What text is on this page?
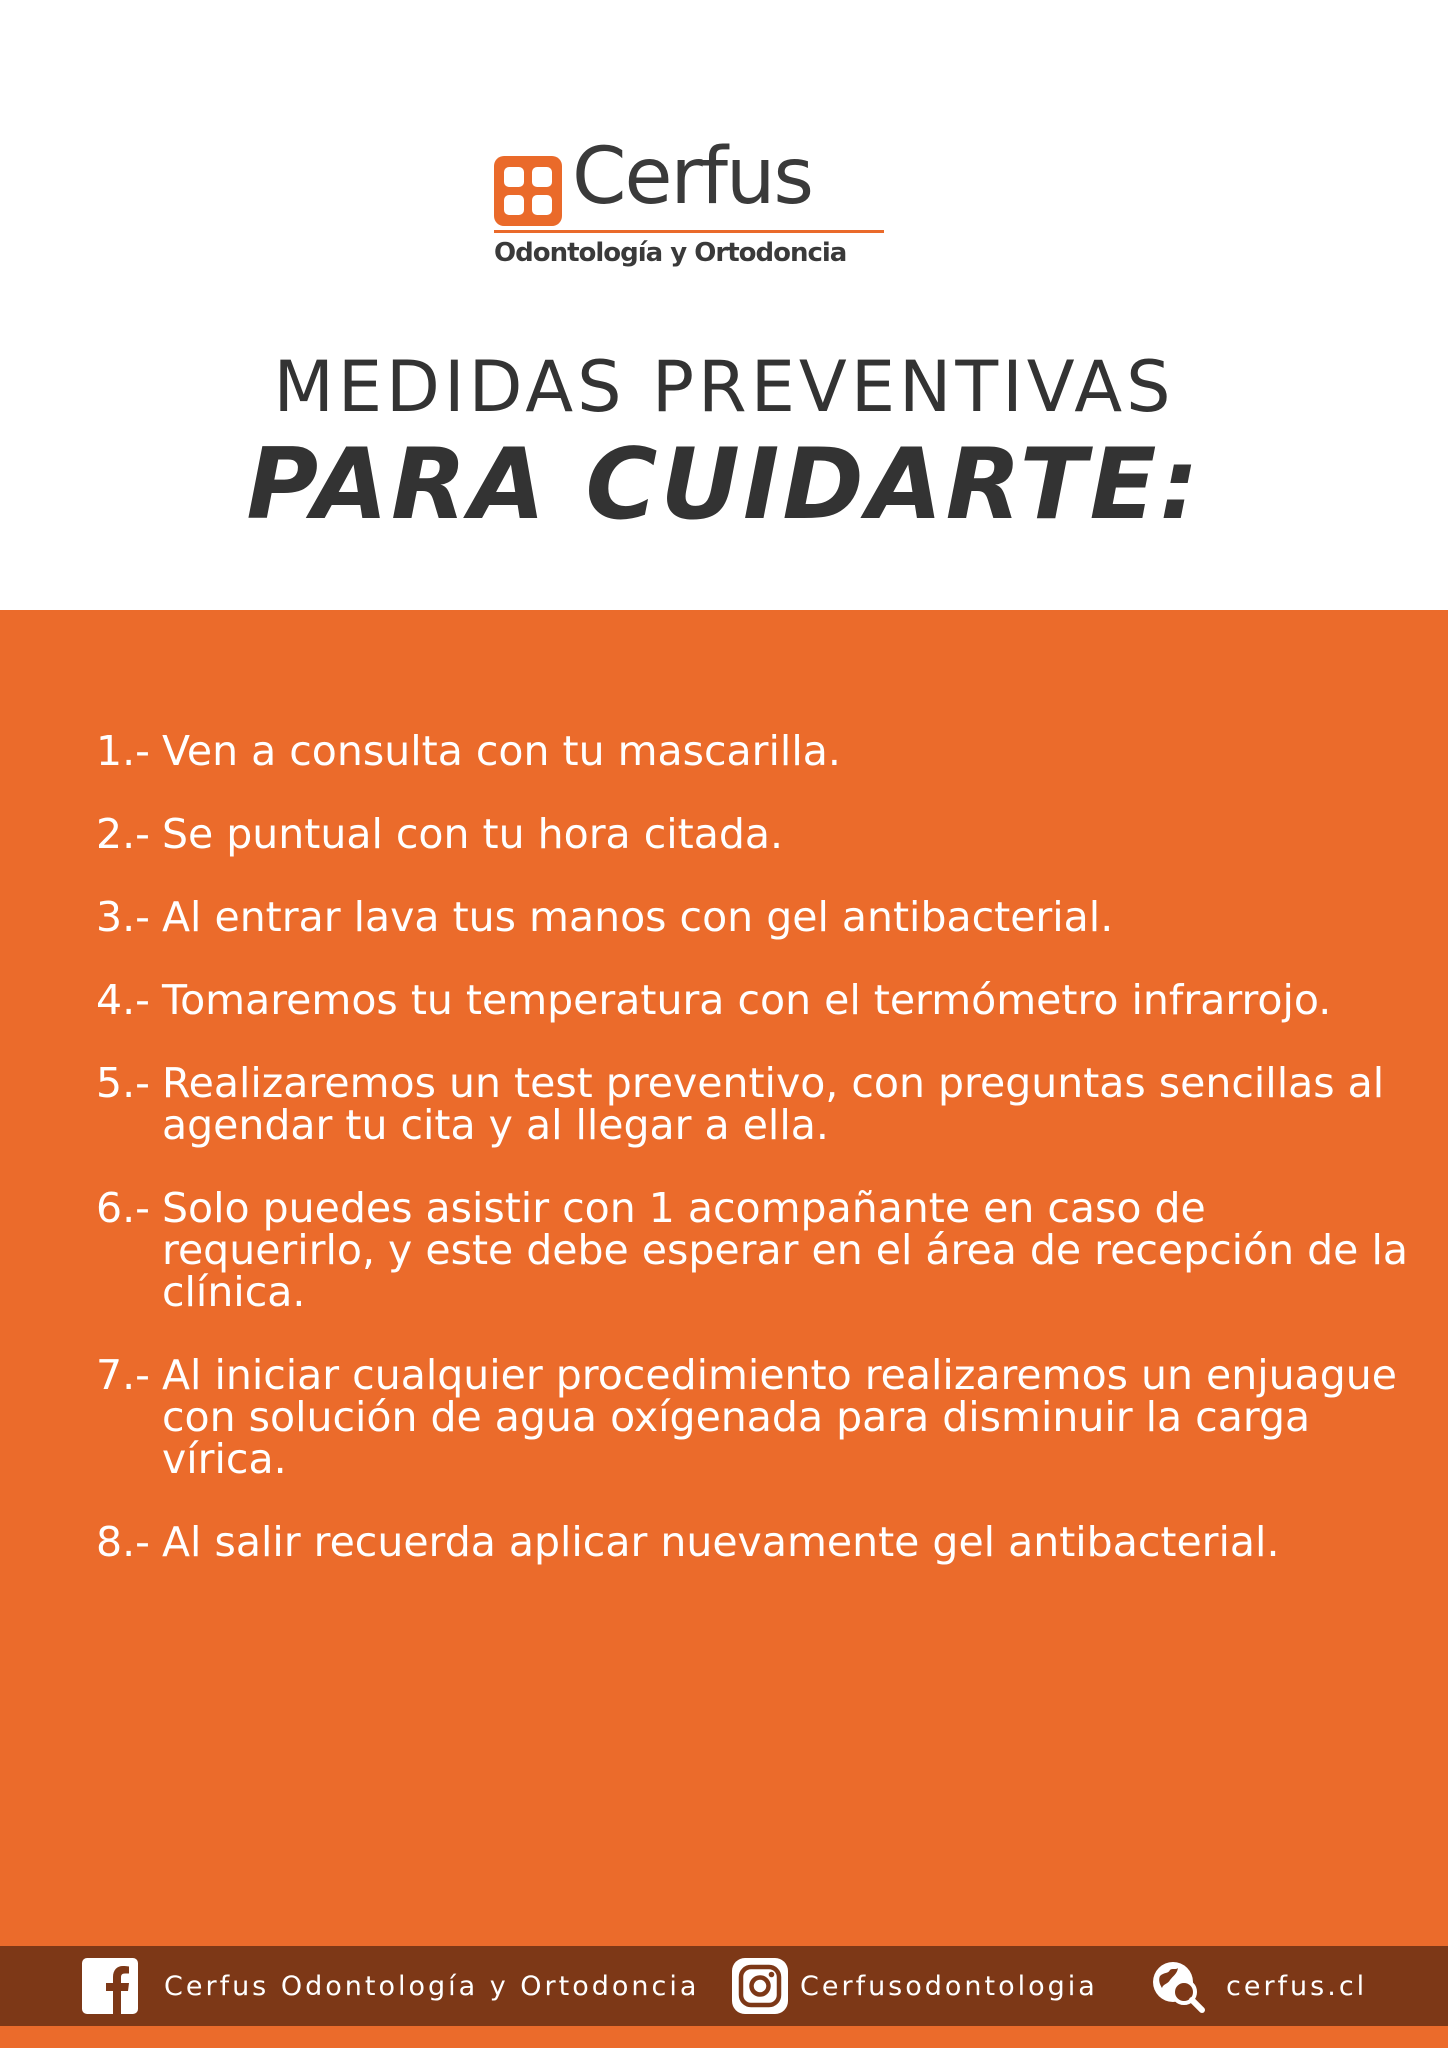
Cerfus
Odontología y Ortodoncia
MEDIDAS PREVENTIVAS
PARA CUIDARTE:
1.- Ven a consulta con tu mascarilla.
2.- Se puntual con tu hora citada.
3.- Al entrar lava tus manos con gel antibacterial.
4.- Tomaremos tu temperatura con el termómetro infrarrojo.
5.- Realizaremos un test preventivo, con preguntas sencillas al agendar tu cita y al llegar a ella.
6.- Solo puedes asistir con 1 acompañante en caso de requerirlo, y este debe esperar en el área de recepción de la clínica.
7.- Al iniciar cualquier procedimiento realizaremos un enjuague con solución de agua oxígenada para disminuir la carga vírica.
8.- Al salir recuerda aplicar nuevamente gel antibacterial.
Cerfus Odontología y Ortodoncia	Cerfusodontologia	cerfus.cl
